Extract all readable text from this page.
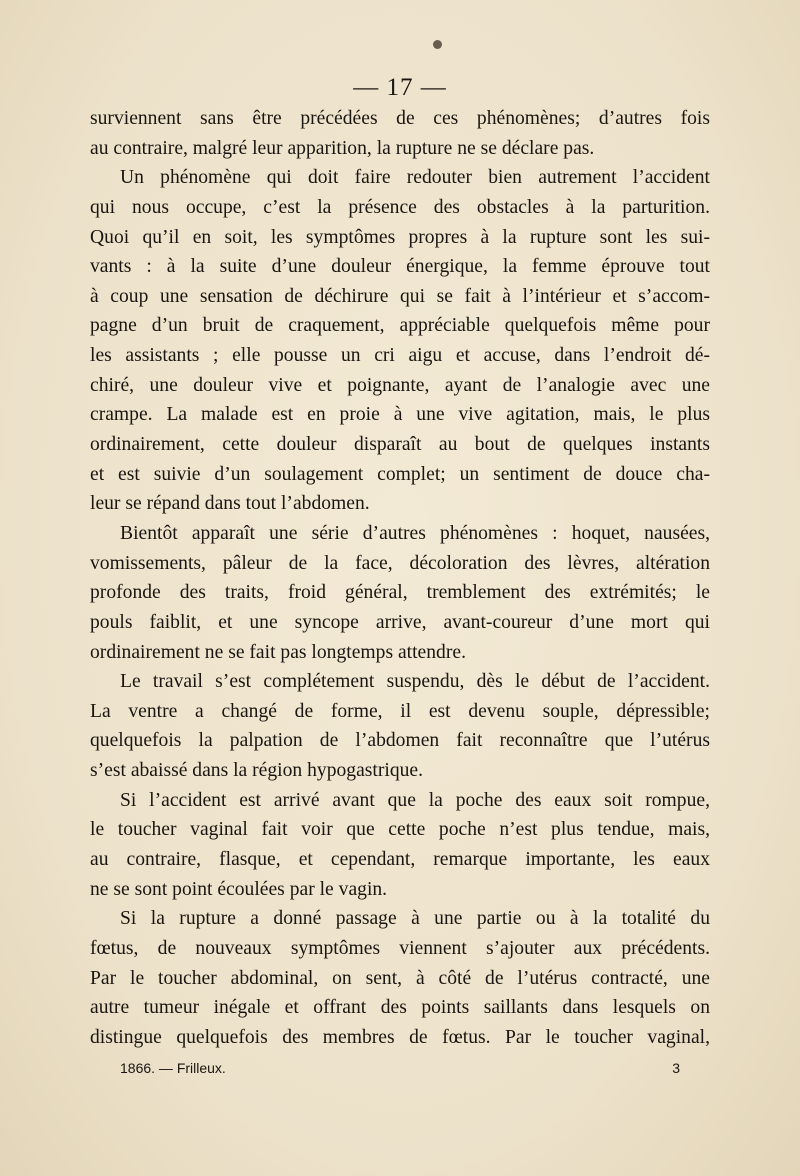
— 17 —
surviennent sans être précédées de ces phénomènes; d’autres fois
au contraire, malgré leur apparition, la rupture ne se déclare pas.
Un phénomène qui doit faire redouter bien autrement l’accident
qui nous occupe, c’est la présence des obstacles à la parturition.
Quoi qu’il en soit, les symptômes propres à la rupture sont les sui-
vants : à la suite d’une douleur énergique, la femme éprouve tout
à coup une sensation de déchirure qui se fait à l’intérieur et s’accom-
pagne d’un bruit de craquement, appréciable quelquefois même pour
les assistants ; elle pousse un cri aigu et accuse, dans l’endroit dé-
chiré, une douleur vive et poignante, ayant de l’analogie avec une
crampe. La malade est en proie à une vive agitation, mais, le plus
ordinairement, cette douleur disparaît au bout de quelques instants
et est suivie d’un soulagement complet; un sentiment de douce cha-
leur se répand dans tout l’abdomen.
Bientôt apparaît une série d’autres phénomènes : hoquet, nausées,
vomissements, pâleur de la face, décoloration des lèvres, altération
profonde des traits, froid général, tremblement des extrémités; le
pouls faiblit, et une syncope arrive, avant-coureur d’une mort qui
ordinairement ne se fait pas longtemps attendre.
Le travail s’est complétement suspendu, dès le début de l’accident.
La ventre a changé de forme, il est devenu souple, dépressible;
quelquefois la palpation de l’abdomen fait reconnaître que l’utérus
s’est abaissé dans la région hypogastrique.
Si l’accident est arrivé avant que la poche des eaux soit rompue,
le toucher vaginal fait voir que cette poche n’est plus tendue, mais,
au contraire, flasque, et cependant, remarque importante, les eaux
ne se sont point écoulées par le vagin.
Si la rupture a donné passage à une partie ou à la totalité du
fœtus, de nouveaux symptômes viennent s’ajouter aux précédents.
Par le toucher abdominal, on sent, à côté de l’utérus contracté, une
autre tumeur inégale et offrant des points saillants dans lesquels on
distingue quelquefois des membres de fœtus. Par le toucher vaginal,
1866. — Frilleux.	3
